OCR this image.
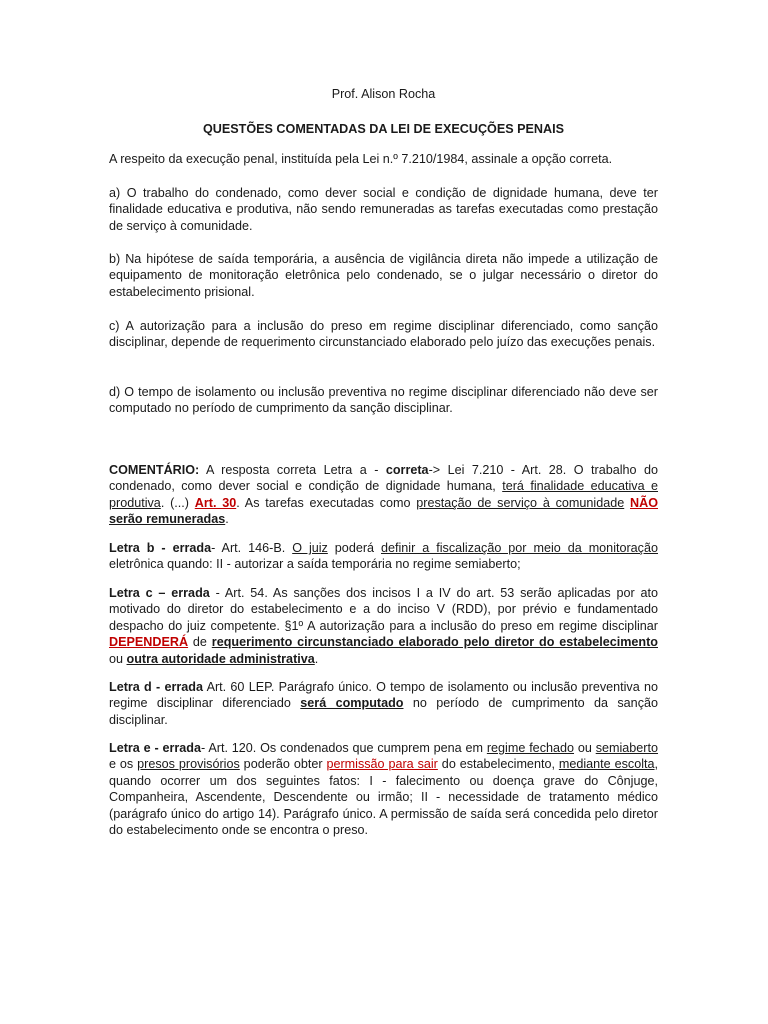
Prof. Alison Rocha

QUESTÕES COMENTADAS DA LEI DE EXECUÇÕES PENAIS

A respeito da execução penal, instituída pela Lei n.º 7.210/1984, assinale a opção correta.

a) O trabalho do condenado, como dever social e condição de dignidade humana, deve ter finalidade educativa e produtiva, não sendo remuneradas as tarefas executadas como prestação de serviço à comunidade.

b) Na hipótese de saída temporária, a ausência de vigilância direta não impede a utilização de equipamento de monitoração eletrônica pelo condenado, se o julgar necessário o diretor do estabelecimento prisional.

c) A autorização para a inclusão do preso em regime disciplinar diferenciado, como sanção disciplinar, depende de requerimento circunstanciado elaborado pelo juízo das execuções penais.

d) O tempo de isolamento ou inclusão preventiva no regime disciplinar diferenciado não deve ser computado no período de cumprimento da sanção disciplinar.

COMENTÁRIO: A resposta correta Letra a - correta-> Lei 7.210 - Art. 28. O trabalho do condenado, como dever social e condição de dignidade humana, terá finalidade educativa e produtiva. (...) Art. 30. As tarefas executadas como prestação de serviço à comunidade NÃO serão remuneradas.

Letra b - errada- Art. 146-B. O juiz poderá definir a fiscalização por meio da monitoração eletrônica quando: II - autorizar a saída temporária no regime semiaberto;

Letra c – errada - Art. 54. As sanções dos incisos I a IV do art. 53 serão aplicadas por ato motivado do diretor do estabelecimento e a do inciso V (RDD), por prévio e fundamentado despacho do juiz competente. §1º A autorização para a inclusão do preso em regime disciplinar DEPENDERÁ de requerimento circunstanciado elaborado pelo diretor do estabelecimento ou outra autoridade administrativa.

Letra d - errada Art. 60 LEP. Parágrafo único. O tempo de isolamento ou inclusão preventiva no regime disciplinar diferenciado será computado no período de cumprimento da sanção disciplinar.

Letra e - errada- Art. 120. Os condenados que cumprem pena em regime fechado ou semiaberto e os presos provisórios poderão obter permissão para sair do estabelecimento, mediante escolta, quando ocorrer um dos seguintes fatos: I - falecimento ou doença grave do Cônjuge, Companheira, Ascendente, Descendente ou irmão; II - necessidade de tratamento médico (parágrafo único do artigo 14). Parágrafo único. A permissão de saída será concedida pelo diretor do estabelecimento onde se encontra o preso.
